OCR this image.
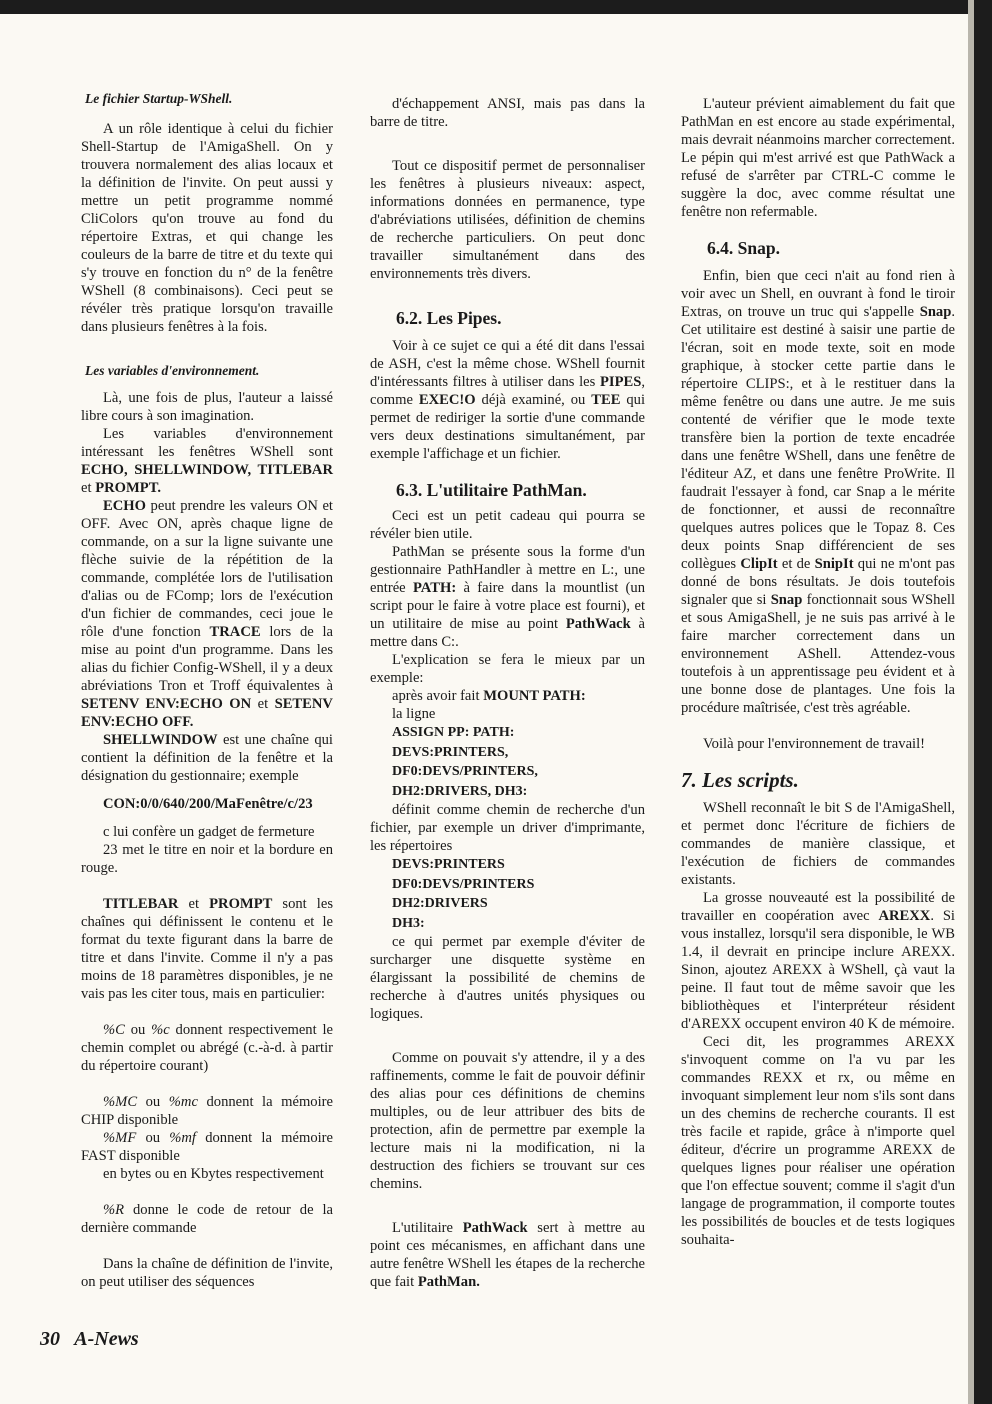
Le fichier Startup-WShell.

A un rôle identique à celui du fichier Shell-Startup de l'AmigaShell. On y trouvera normalement des alias locaux et la définition de l'invite. On peut aussi y mettre un petit programme nommé CliColors qu'on trouve au fond du répertoire Extras, et qui change les couleurs de la barre de titre et du texte qui s'y trouve en fonction du n° de la fenêtre WShell (8 combinaisons). Ceci peut se révéler très pratique lorsqu'on travaille dans plusieurs fenêtres à la fois.

Les variables d'environnement.

Là, une fois de plus, l'auteur a laissé libre cours à son imagination.

Les variables d'environnement intéressant les fenêtres WShell sont ECHO, SHELLWINDOW, TITLEBAR et PROMPT.

ECHO peut prendre les valeurs ON et OFF. Avec ON, après chaque ligne de commande, on a sur la ligne suivante une flèche suivie de la répétition de la commande, complétée lors de l'utilisation d'alias ou de FComp; lors de l'exécution d'un fichier de commandes, ceci joue le rôle d'une fonction TRACE lors de la mise au point d'un programme. Dans les alias du fichier Config-WShell, il y a deux abréviations Tron et Troff équivalentes à SETENV ENV:ECHO ON et SETENV ENV:ECHO OFF.

SHELLWINDOW est une chaîne qui contient la définition de la fenêtre et la désignation du gestionnaire; exemple

CON:0/0/640/200/MaFenêtre/c/23

c lui confère un gadget de fermeture

23 met le titre en noir et la bordure en rouge.

TITLEBAR et PROMPT sont les chaînes qui définissent le contenu et le format du texte figurant dans la barre de titre et dans l'invite. Comme il n'y a pas moins de 18 paramètres disponibles, je ne vais pas les citer tous, mais en particulier:

%C ou %c donnent respectivement le chemin complet ou abrégé (c.-à-d. à partir du répertoire courant)

%MC ou %mc donnent la mémoire CHIP disponible

%MF ou %mf donnent la mémoire FAST disponible

en bytes ou en Kbytes respectivement

%R donne le code de retour de la dernière commande

Dans la chaîne de définition de l'invite, on peut utiliser des séquences

d'échappement ANSI, mais pas dans la barre de titre.

Tout ce dispositif permet de personnaliser les fenêtres à plusieurs niveaux: aspect, informations données en permanence, type d'abréviations utilisées, définition de chemins de recherche particuliers. On peut donc travailler simultanément dans des environnements très divers.

6.2. Les Pipes.

Voir à ce sujet ce qui a été dit dans l'essai de ASH, c'est la même chose. WShell fournit d'intéressants filtres à utiliser dans les PIPES, comme EXEC!O déjà examiné, ou TEE qui permet de rediriger la sortie d'une commande vers deux destinations simultanément, par exemple l'affichage et un fichier.

6.3. L'utilitaire PathMan.

Ceci est un petit cadeau qui pourra se révéler bien utile.

PathMan se présente sous la forme d'un gestionnaire PathHandler à mettre en L:, une entrée PATH: à faire dans la mountlist (un script pour le faire à votre place est fourni), et un utilitaire de mise au point PathWack à mettre dans C:.

L'explication se fera le mieux par un exemple:

après avoir fait MOUNT PATH:

la ligne

ASSIGN PP: PATH:
DEVS:PRINTERS,
DF0:DEVS/PRINTERS,
DH2:DRIVERS, DH3:

définit comme chemin de recherche d'un fichier, par exemple un driver d'imprimante, les répertoires

DEVS:PRINTERS
DF0:DEVS/PRINTERS
DH2:DRIVERS
DH3:

ce qui permet par exemple d'éviter de surcharger une disquette système en élargissant la possibilité de chemins de recherche à d'autres unités physiques ou logiques.

Comme on pouvait s'y attendre, il y a des raffinements, comme le fait de pouvoir définir des alias pour ces définitions de chemins multiples, ou de leur attribuer des bits de protection, afin de permettre par exemple la lecture mais ni la modification, ni la destruction des fichiers se trouvant sur ces chemins.

L'utilitaire PathWack sert à mettre au point ces mécanismes, en affichant dans une autre fenêtre WShell les étapes de la recherche que fait PathMan.

L'auteur prévient aimablement du fait que PathMan en est encore au stade expérimental, mais devrait néanmoins marcher correctement. Le pépin qui m'est arrivé est que PathWack a refusé de s'arrêter par CTRL-C comme le suggère la doc, avec comme résultat une fenêtre non refermable.

6.4. Snap.

Enfin, bien que ceci n'ait au fond rien à voir avec un Shell, en ouvrant à fond le tiroir Extras, on trouve un truc qui s'appelle Snap. Cet utilitaire est destiné à saisir une partie de l'écran, soit en mode texte, soit en mode graphique, à stocker cette partie dans le répertoire CLIPS:, et à le restituer dans la même fenêtre ou dans une autre. Je me suis contenté de vérifier que le mode texte transfère bien la portion de texte encadrée dans une fenêtre WShell, dans une fenêtre de l'éditeur AZ, et dans une fenêtre ProWrite. Il faudrait l'essayer à fond, car Snap a le mérite de fonctionner, et aussi de reconnaître quelques autres polices que le Topaz 8. Ces deux points Snap différencient de ses collègues ClipIt et de SnipIt qui ne m'ont pas donné de bons résultats. Je dois toutefois signaler que si Snap fonctionnait sous WShell et sous AmigaShell, je ne suis pas arrivé à le faire marcher correctement dans un environnement AShell. Attendez-vous toutefois à un apprentissage peu évident et à une bonne dose de plantages. Une fois la procédure maîtrisée, c'est très agréable.

Voilà pour l'environnement de travail!

7. Les scripts.

WShell reconnaît le bit S de l'AmigaShell, et permet donc l'écriture de fichiers de commandes de manière classique, et l'exécution de fichiers de commandes existants.

La grosse nouveauté est la possibilité de travailler en coopération avec AREXX. Si vous installez, lorsqu'il sera disponible, le WB 1.4, il devrait en principe inclure AREXX. Sinon, ajoutez AREXX à WShell, çà vaut la peine. Il faut tout de même savoir que les bibliothèques et l'interpréteur résident d'AREXX occupent environ 40 K de mémoire.

Ceci dit, les programmes AREXX s'invoquent comme on l'a vu par les commandes REXX et rx, ou même en invoquant simplement leur nom s'ils sont dans un des chemins de recherche courants. Il est très facile et rapide, grâce à n'importe quel éditeur, d'écrire un programme AREXX de quelques lignes pour réaliser une opération que l'on effectue souvent; comme il s'agit d'un langage de programmation, il comporte toutes les possibilités de boucles et de tests logiques souhaita-

30 A-News
